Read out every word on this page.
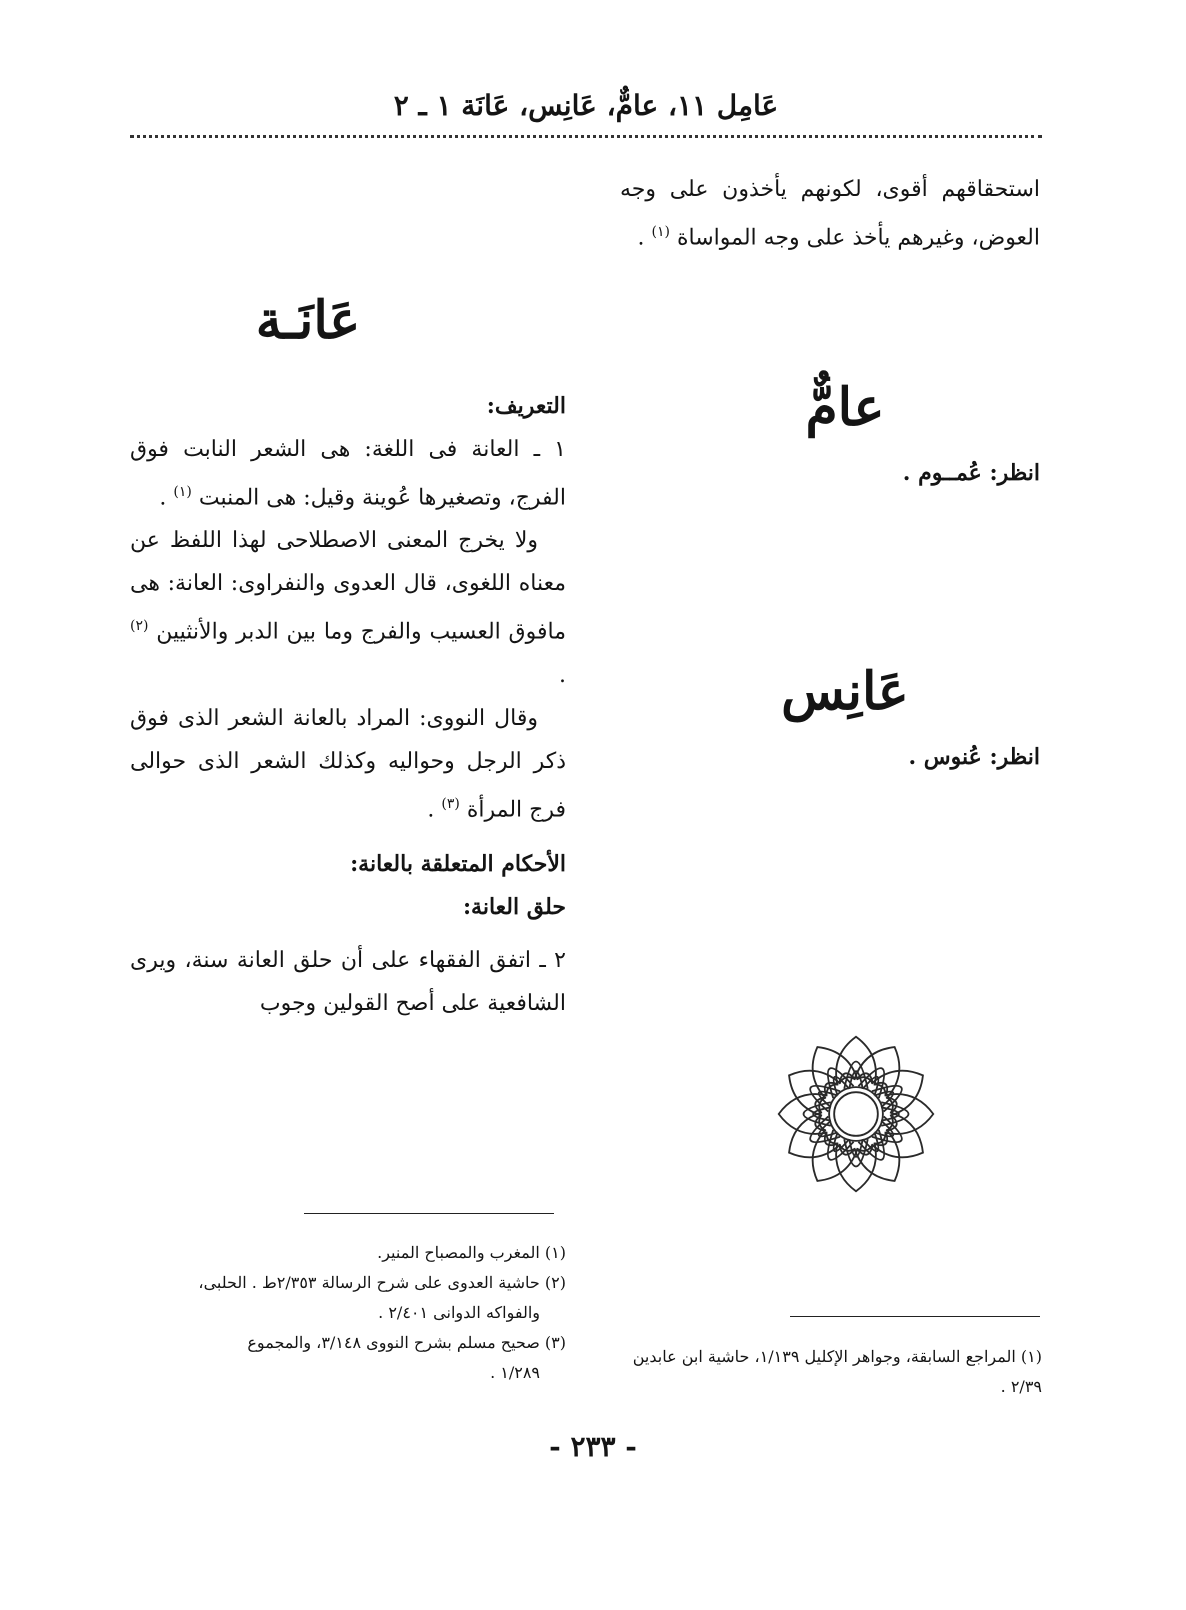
عَامِل ١١، عامٌّ، عَانِس، عَانَة ١ ـ ٢

استحقاقهم أقوى، لكونهم يأخذون على وجه العوض، وغيرهم يأخذ على وجه المواساة $^{(١)}$ .

عامٌّ

انظر: عُمــوم .

عَانِس

انظر: عُنوس .

(١) المراجع السابقة، وجواهر الإكليل ١/١٣٩، حاشية ابن عابدين ٢/٣٩ .

عَانَـة

التعريف:

١ ـ العانة فى اللغة: هى الشعر النابت فوق الفرج، وتصغيرها عُوينة وقيل: هى المنبت $^{(١)}$ .

ولا يخرج المعنى الاصطلاحى لهذا اللفظ عن معناه اللغوى، قال العدوى والنفراوى: العانة: هى مافوق العسيب والفرج وما بين الدبر والأنثيين $^{(٢)}$ .

وقال النووى: المراد بالعانة الشعر الذى فوق ذكر الرجل وحواليه وكذلك الشعر الذى حوالى فرج المرأة $^{(٣)}$ .

الأحكام المتعلقة بالعانة:

حلق العانة:

٢ ـ اتفق الفقهاء على أن حلق العانة سنة، ويرى الشافعية على أصح القولين وجوب

(١) المغرب والمصباح المنير.

(٢) حاشية العدوى على شرح الرسالة ٢/٣٥٣ط . الحلبى،

والفواكه الدوانى ٢/٤٠١ .

(٣) صحيح مسلم بشرح النووى ٣/١٤٨، والمجموع

١/٢٨٩ .

- ٢٣٣ -
